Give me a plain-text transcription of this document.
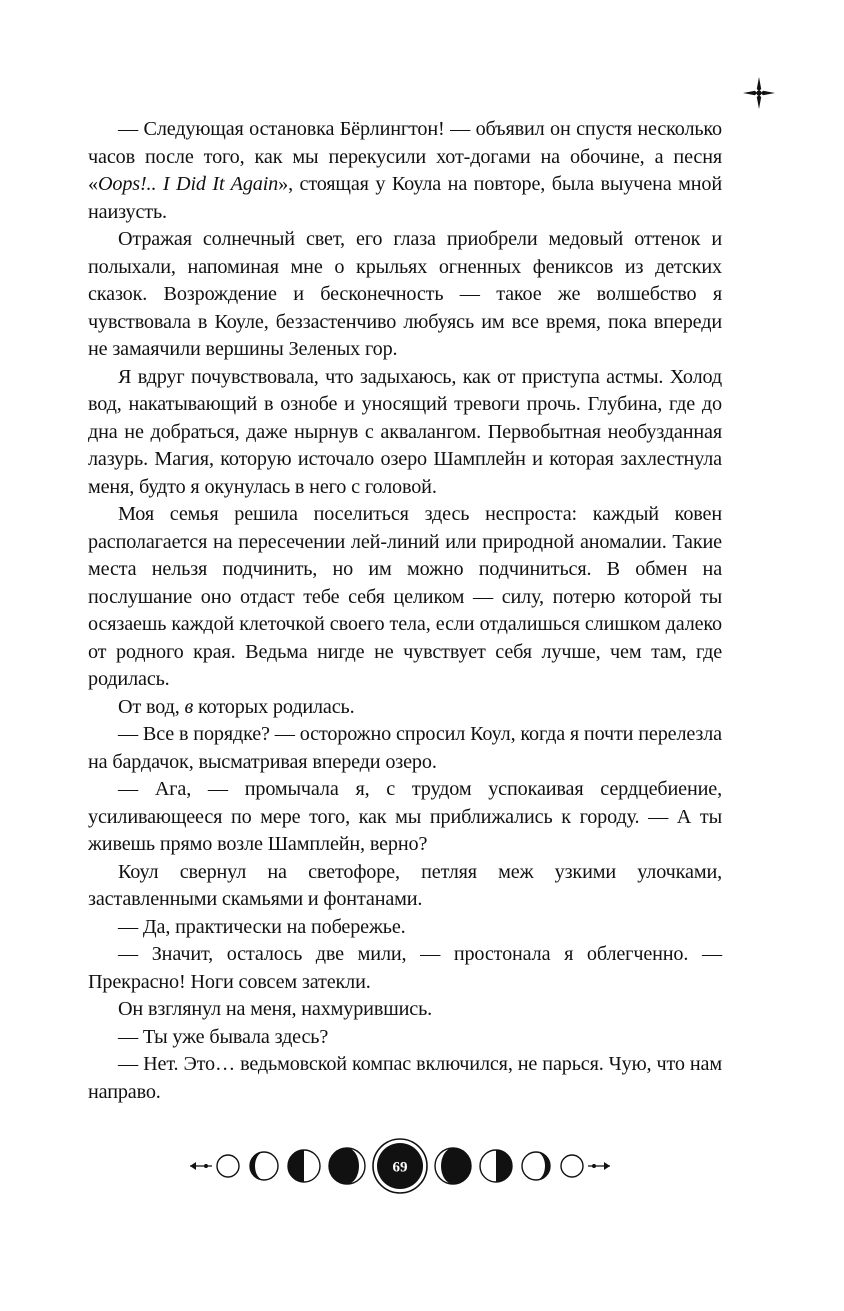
— Следующая остановка Бёрлингтон! — объявил он спустя несколько часов после того, как мы перекусили хот-догами на обочине, а песня «Oops!.. I Did It Again», стоящая у Коула на повторе, была выучена мной наизусть.

Отражая солнечный свет, его глаза приобрели медовый оттенок и полыхали, напоминая мне о крыльях огненных фениксов из детских сказок. Возрождение и бесконечность — такое же волшебство я чувствовала в Коуле, беззастенчиво любуясь им все время, пока впереди не замаячили вершины Зеленых гор.

Я вдруг почувствовала, что задыхаюсь, как от приступа астмы. Холод вод, накатывающий в ознобе и уносящий тревоги прочь. Глубина, где до дна не добраться, даже нырнув с аквалангом. Первобытная необузданная лазурь. Магия, которую источало озеро Шамплейн и которая захлестнула меня, будто я окунулась в него с головой.

Моя семья решила поселиться здесь неспроста: каждый ковен располагается на пересечении лей-линий или природной аномалии. Такие места нельзя подчинить, но им можно подчиниться. В обмен на послушание оно отдаст тебе себя целиком — силу, потерю которой ты осязаешь каждой клеточкой своего тела, если отдалишься слишком далеко от родного края. Ведьма нигде не чувствует себя лучше, чем там, где родилась.

От вод, в которых родилась.

— Все в порядке? — осторожно спросил Коул, когда я почти перелезла на бардачок, высматривая впереди озеро.

— Ага, — промычала я, с трудом успокаивая сердцебиение, усиливающееся по мере того, как мы приближались к городу. — А ты живешь прямо возле Шамплейн, верно?

Коул свернул на светофоре, петляя меж узкими улочками, заставленными скамьями и фонтанами.

— Да, практически на побережье.

— Значит, осталось две мили, — простонала я облегченно. — Прекрасно! Ноги совсем затекли.

Он взглянул на меня, нахмурившись.

— Ты уже бывала здесь?

— Нет. Это… ведьмовской компас включился, не парься. Чую, что нам направо.

69
